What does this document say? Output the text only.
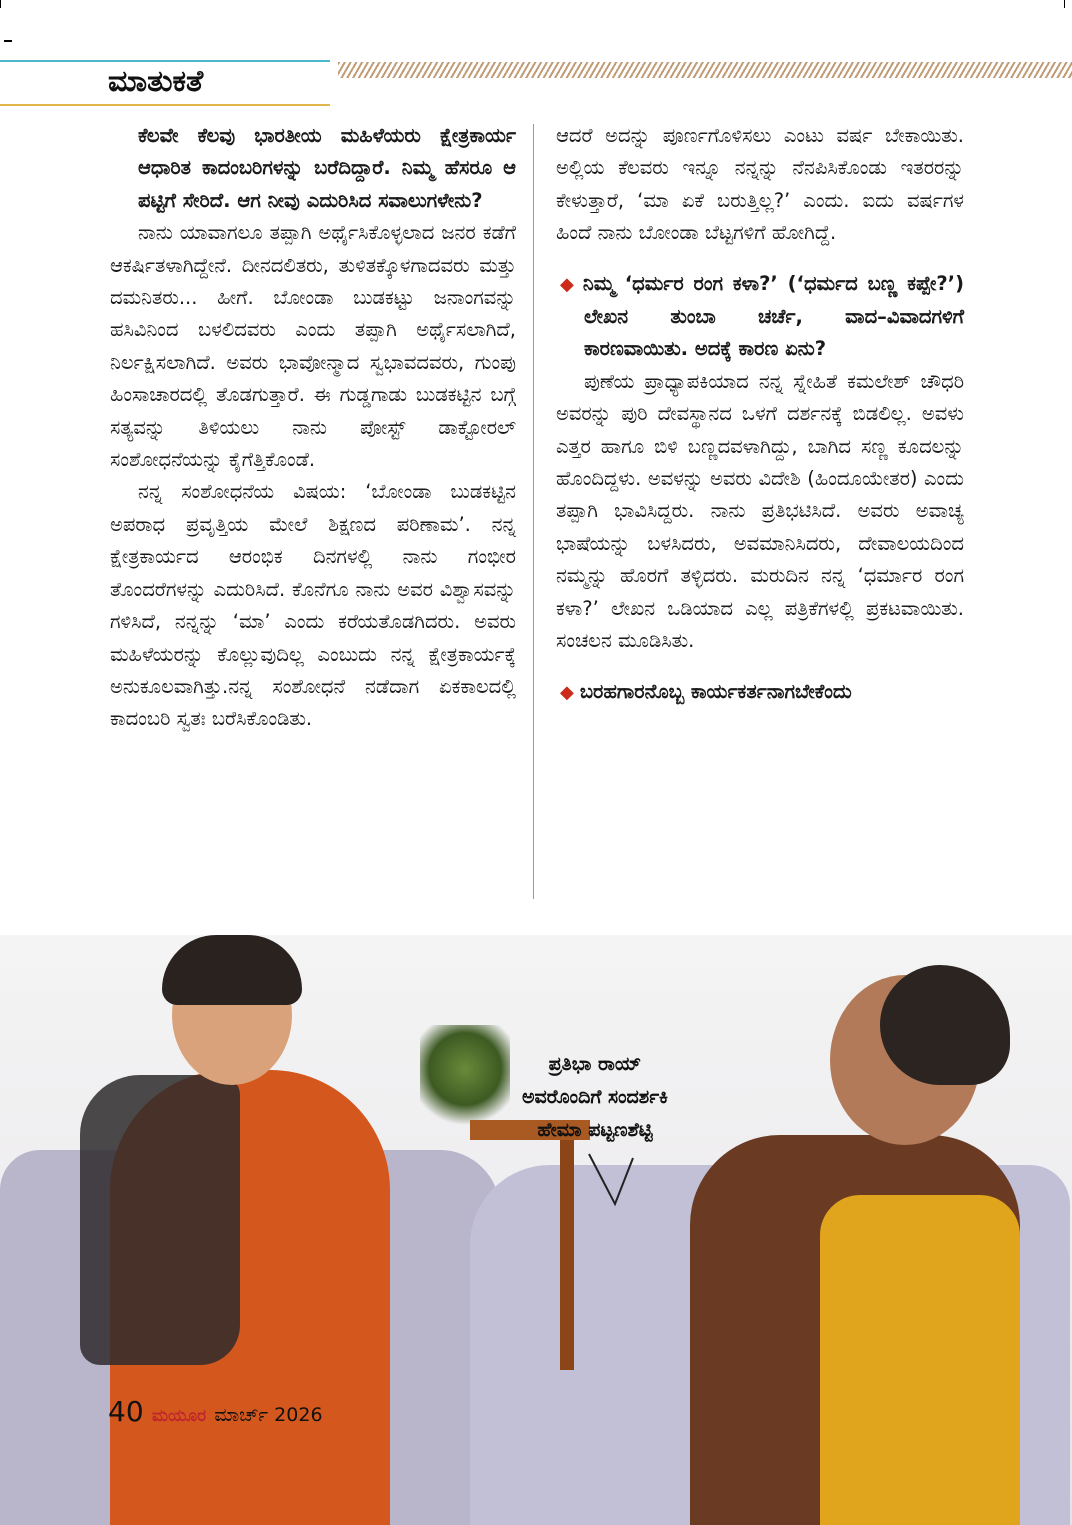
ಮಾತುಕತೆ

ಕೆಲವೇ ಕೆಲವು ಭಾರತೀಯ ಮಹಿಳೆಯರು ಕ್ಷೇತ್ರಕಾರ್ಯ ಆಧಾರಿತ ಕಾದಂಬರಿಗಳನ್ನು ಬರೆದಿದ್ದಾರೆ. ನಿಮ್ಮ ಹೆಸರೂ ಆ ಪಟ್ಟಿಗೆ ಸೇರಿದೆ. ಆಗ ನೀವು ಎದುರಿಸಿದ ಸವಾಲುಗಳೇನು?

ನಾನು ಯಾವಾಗಲೂ ತಪ್ಪಾಗಿ ಅರ್ಥೈಸಿಕೊಳ್ಳಲಾದ ಜನರ ಕಡೆಗೆ ಆಕರ್ಷಿತಳಾಗಿದ್ದೇನೆ. ದೀನದಲಿತರು, ತುಳಿತಕ್ಕೊಳಗಾದವರು ಮತ್ತು ದಮನಿತರು... ಹೀಗೆ. ಬೋಂಡಾ ಬುಡಕಟ್ಟು ಜನಾಂಗವನ್ನು ಹಸಿವಿನಿಂದ ಬಳಲಿದವರು ಎಂದು ತಪ್ಪಾಗಿ ಅರ್ಥೈಸಲಾಗಿದೆ, ನಿರ್ಲಕ್ಷಿಸಲಾಗಿದೆ. ಅವರು ಭಾವೋನ್ಮಾದ ಸ್ವಭಾವದವರು, ಗುಂಪು ಹಿಂಸಾಚಾರದಲ್ಲಿ ತೊಡಗುತ್ತಾರೆ. ಈ ಗುಡ್ಡಗಾಡು ಬುಡಕಟ್ಟಿನ ಬಗ್ಗೆ ಸತ್ಯವನ್ನು ತಿಳಿಯಲು ನಾನು ಪೋಸ್ಟ್ ಡಾಕ್ಟೋರಲ್ ಸಂಶೋಧನೆಯನ್ನು ಕೈಗೆತ್ತಿಕೊಂಡೆ.

ನನ್ನ ಸಂಶೋಧನೆಯ ವಿಷಯ: ‘ಬೋಂಡಾ ಬುಡಕಟ್ಟಿನ ಅಪರಾಧ ಪ್ರವೃತ್ತಿಯ ಮೇಲೆ ಶಿಕ್ಷಣದ ಪರಿಣಾಮ’. ನನ್ನ ಕ್ಷೇತ್ರಕಾರ್ಯದ ಆರಂಭಿಕ ದಿನಗಳಲ್ಲಿ ನಾನು ಗಂಭೀರ ತೊಂದರೆಗಳನ್ನು ಎದುರಿಸಿದೆ. ಕೊನೆಗೂ ನಾನು ಅವರ ವಿಶ್ವಾಸವನ್ನು ಗಳಿಸಿದೆ, ನನ್ನನ್ನು ‘ಮಾ’ ಎಂದು ಕರೆಯತೊಡಗಿದರು. ಅವರು ಮಹಿಳೆಯರನ್ನು ಕೊಲ್ಲುವುದಿಲ್ಲ ಎಂಬುದು ನನ್ನ ಕ್ಷೇತ್ರಕಾರ್ಯಕ್ಕೆ ಅನುಕೂಲವಾಗಿತ್ತು.ನನ್ನ ಸಂಶೋಧನೆ ನಡೆದಾಗ ಏಕಕಾಲದಲ್ಲಿ ಕಾದಂಬರಿ ಸ್ವತಃ ಬರೆಸಿಕೊಂಡಿತು.

ಆದರೆ ಅದನ್ನು ಪೂರ್ಣಗೊಳಿಸಲು ಎಂಟು ವರ್ಷ ಬೇಕಾಯಿತು. ಅಲ್ಲಿಯ ಕೆಲವರು ಇನ್ನೂ ನನ್ನನ್ನು ನೆನಪಿಸಿಕೊಂಡು ಇತರರನ್ನು ಕೇಳುತ್ತಾರೆ, ‘ಮಾ ಏಕೆ ಬರುತ್ತಿಲ್ಲ?’ ಎಂದು. ಐದು ವರ್ಷಗಳ ಹಿಂದೆ ನಾನು ಬೋಂಡಾ ಬೆಟ್ಟಗಳಿಗೆ ಹೋಗಿದ್ದೆ.

◆ ನಿಮ್ಮ ‘ಧರ್ಮರ ರಂಗ ಕಳಾ?’ (‘ಧರ್ಮದ ಬಣ್ಣ ಕಪ್ಪೇ?’) ಲೇಖನ ತುಂಬಾ ಚರ್ಚೆ, ವಾದ–ವಿವಾದಗಳಿಗೆ ಕಾರಣವಾಯಿತು. ಅದಕ್ಕೆ ಕಾರಣ ಏನು?

ಪುಣೆಯ ಪ್ರಾಧ್ಯಾಪಕಿಯಾದ ನನ್ನ ಸ್ನೇಹಿತೆ ಕಮಲೇಶ್ ಚೌಧರಿ ಅವರನ್ನು ಪುರಿ ದೇವಸ್ಥಾನದ ಒಳಗೆ ದರ್ಶನಕ್ಕೆ ಬಿಡಲಿಲ್ಲ. ಅವಳು ಎತ್ತರ ಹಾಗೂ ಬಿಳಿ ಬಣ್ಣದವಳಾಗಿದ್ದು, ಬಾಗಿದ ಸಣ್ಣ ಕೂದಲನ್ನು ಹೊಂದಿದ್ದಳು. ಅವಳನ್ನು ಅವರು ವಿದೇಶಿ (ಹಿಂದೂಯೇತರ) ಎಂದು ತಪ್ಪಾಗಿ ಭಾವಿಸಿದ್ದರು. ನಾನು ಪ್ರತಿಭಟಿಸಿದೆ. ಅವರು ಅವಾಚ್ಯ ಭಾಷೆಯನ್ನು ಬಳಸಿದರು, ಅವಮಾನಿಸಿದರು, ದೇವಾಲಯದಿಂದ ನಮ್ಮನ್ನು ಹೊರಗೆ ತಳ್ಳಿದರು. ಮರುದಿನ ನನ್ನ ‘ಧರ್ಮಾರ ರಂಗ ಕಳಾ?’ ಲೇಖನ ಒಡಿಯಾದ ಎಲ್ಲ ಪತ್ರಿಕೆಗಳಲ್ಲಿ ಪ್ರಕಟವಾಯಿತು. ಸಂಚಲನ ಮೂಡಿಸಿತು.

◆ ಬರಹಗಾರನೊಬ್ಬ ಕಾರ್ಯಕರ್ತನಾಗಬೇಕೆಂದು

ಪ್ರತಿಭಾ ರಾಯ್
ಅವರೊಂದಿಗೆ ಸಂದರ್ಶಕಿ
ಹೇಮಾ ಪಟ್ಟಣಶೆಟ್ಟಿ
40 ಮಯೂರ ಮಾರ್ಚ್ 2026
